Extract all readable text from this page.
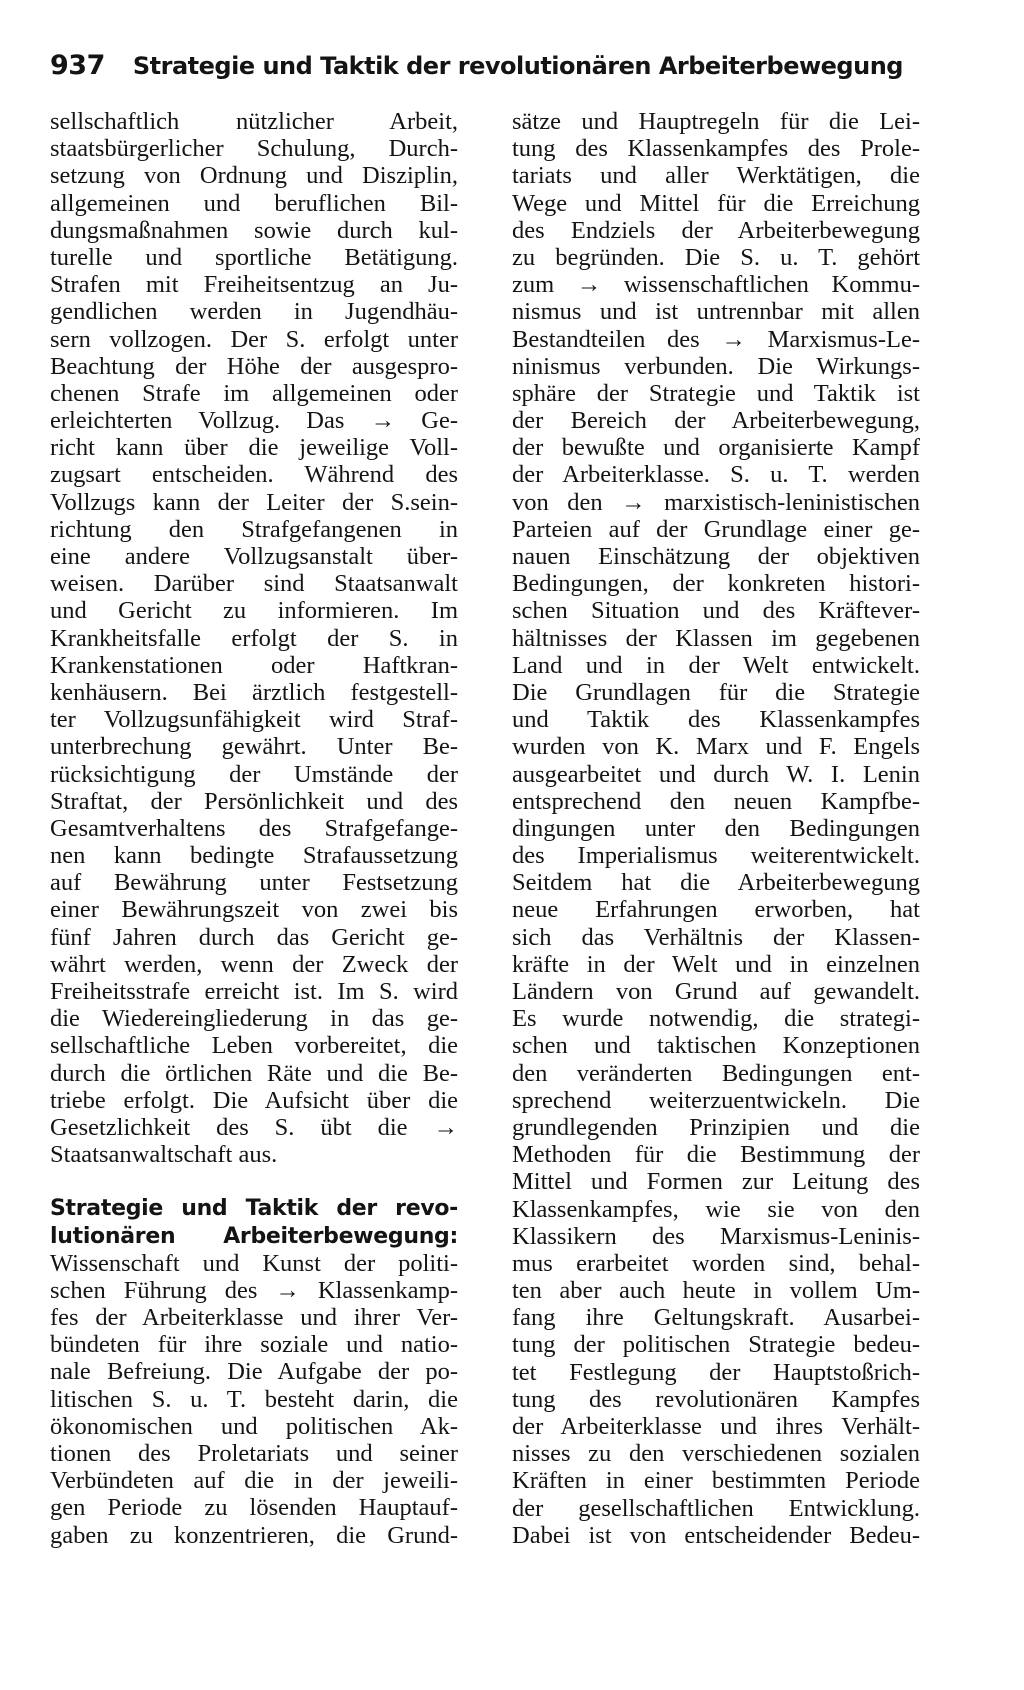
937 Strategie und Taktik der revolutionären Arbeiterbewegung
sellschaftlich nützlicher Arbeit,
staatsbürgerlicher Schulung, Durch-
setzung von Ordnung und Disziplin,
allgemeinen und beruflichen Bil-
dungsmaßnahmen sowie durch kul-
turelle und sportliche Betätigung.
Strafen mit Freiheitsentzug an Ju-
gendlichen werden in Jugendhäu-
sern vollzogen. Der S. erfolgt unter
Beachtung der Höhe der ausgespro-
chenen Strafe im allgemeinen oder
erleichterten Vollzug. Das → Ge-
richt kann über die jeweilige Voll-
zugsart entscheiden. Während des
Vollzugs kann der Leiter der S.sein-
richtung den Strafgefangenen in
eine andere Vollzugsanstalt über-
weisen. Darüber sind Staatsanwalt
und Gericht zu informieren. Im
Krankheitsfalle erfolgt der S. in
Krankenstationen oder Haftkran-
kenhäusern. Bei ärztlich festgestell-
ter Vollzugsunfähigkeit wird Straf-
unterbrechung gewährt. Unter Be-
rücksichtigung der Umstände der
Straftat, der Persönlichkeit und des
Gesamtverhaltens des Strafgefange-
nen kann bedingte Strafaussetzung
auf Bewährung unter Festsetzung
einer Bewährungszeit von zwei bis
fünf Jahren durch das Gericht ge-
währt werden, wenn der Zweck der
Freiheitsstrafe erreicht ist. Im S. wird
die Wiedereingliederung in das ge-
sellschaftliche Leben vorbereitet, die
durch die örtlichen Räte und die Be-
triebe erfolgt. Die Aufsicht über die
Gesetzlichkeit des S. übt die →
Staatsanwaltschaft aus.
Strategie und Taktik der revo-
lutionären Arbeiterbewegung:
Wissenschaft und Kunst der politi-
schen Führung des → Klassenkamp-
fes der Arbeiterklasse und ihrer Ver-
bündeten für ihre soziale und natio-
nale Befreiung. Die Aufgabe der po-
litischen S. u. T. besteht darin, die
ökonomischen und politischen Ak-
tionen des Proletariats und seiner
Verbündeten auf die in der jeweili-
gen Periode zu lösenden Hauptauf-
gaben zu konzentrieren, die Grund-
sätze und Hauptregeln für die Lei-
tung des Klassenkampfes des Prole-
tariats und aller Werktätigen, die
Wege und Mittel für die Erreichung
des Endziels der Arbeiterbewegung
zu begründen. Die S. u. T. gehört
zum → wissenschaftlichen Kommu-
nismus und ist untrennbar mit allen
Bestandteilen des → Marxismus-Le-
ninismus verbunden. Die Wirkungs-
sphäre der Strategie und Taktik ist
der Bereich der Arbeiterbewegung,
der bewußte und organisierte Kampf
der Arbeiterklasse. S. u. T. werden
von den → marxistisch-leninistischen
Parteien auf der Grundlage einer ge-
nauen Einschätzung der objektiven
Bedingungen, der konkreten histori-
schen Situation und des Kräftever-
hältnisses der Klassen im gegebenen
Land und in der Welt entwickelt.
Die Grundlagen für die Strategie
und Taktik des Klassenkampfes
wurden von K. Marx und F. Engels
ausgearbeitet und durch W. I. Lenin
entsprechend den neuen Kampfbe-
dingungen unter den Bedingungen
des Imperialismus weiterentwickelt.
Seitdem hat die Arbeiterbewegung
neue Erfahrungen erworben, hat
sich das Verhältnis der Klassen-
kräfte in der Welt und in einzelnen
Ländern von Grund auf gewandelt.
Es wurde notwendig, die strategi-
schen und taktischen Konzeptionen
den veränderten Bedingungen ent-
sprechend weiterzuentwickeln. Die
grundlegenden Prinzipien und die
Methoden für die Bestimmung der
Mittel und Formen zur Leitung des
Klassenkampfes, wie sie von den
Klassikern des Marxismus-Leninis-
mus erarbeitet worden sind, behal-
ten aber auch heute in vollem Um-
fang ihre Geltungskraft. Ausarbei-
tung der politischen Strategie bedeu-
tet Festlegung der Hauptstoßrich-
tung des revolutionären Kampfes
der Arbeiterklasse und ihres Verhält-
nisses zu den verschiedenen sozialen
Kräften in einer bestimmten Periode
der gesellschaftlichen Entwicklung.
Dabei ist von entscheidender Bedeu-
